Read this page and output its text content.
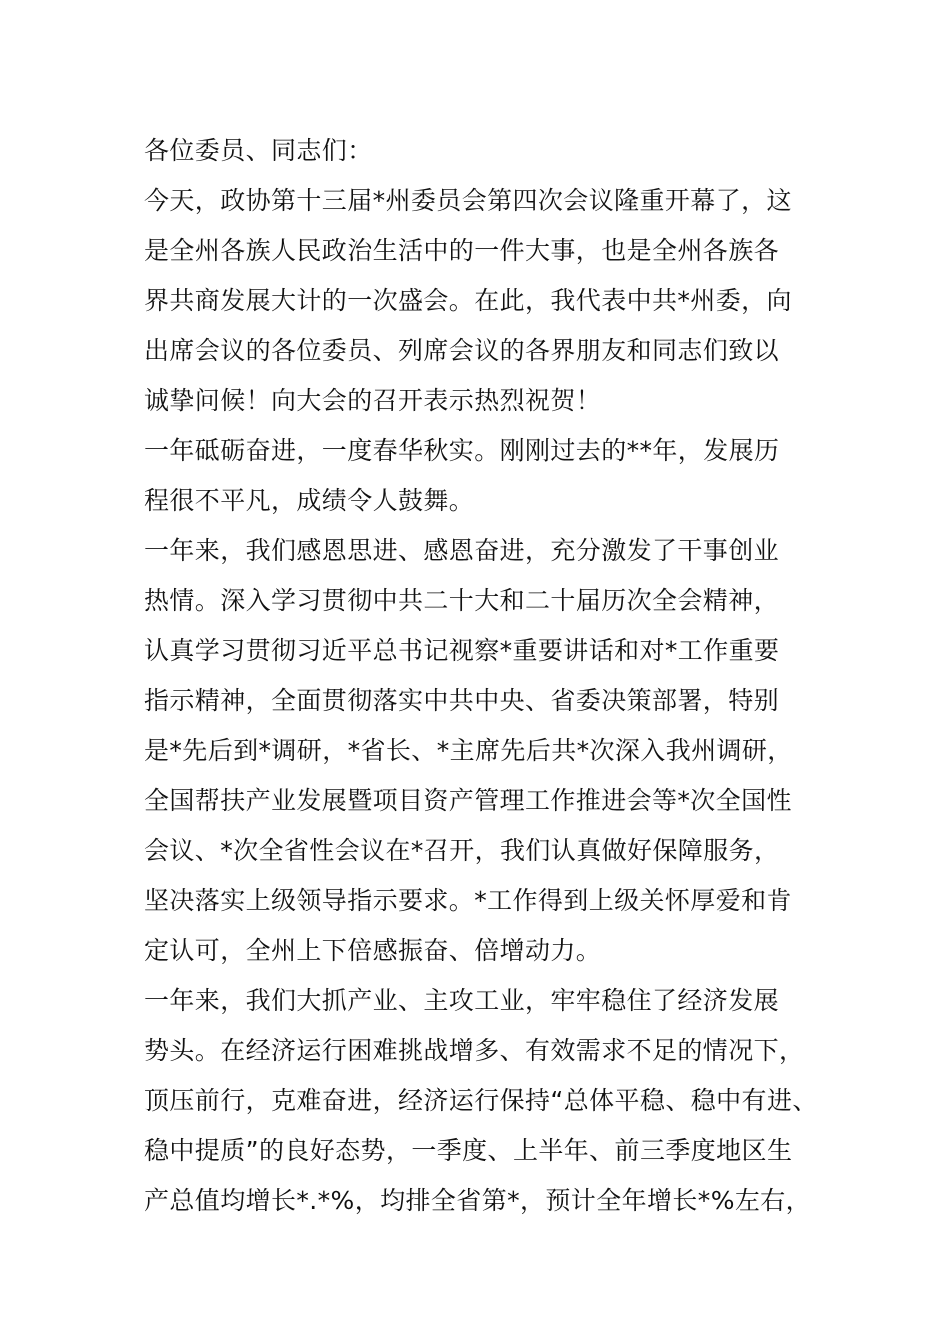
各位委员、同志们：
今天，政协第十三届*州委员会第四次会议隆重开幕了，这
是全州各族人民政治生活中的一件大事，也是全州各族各
界共商发展大计的一次盛会。在此，我代表中共*州委，向
出席会议的各位委员、列席会议的各界朋友和同志们致以
诚挚问候！向大会的召开表示热烈祝贺！
一年砥砺奋进，一度春华秋实。刚刚过去的**年，发展历
程很不平凡，成绩令人鼓舞。
一年来，我们感恩思进、感恩奋进，充分激发了干事创业
热情。深入学习贯彻中共二十大和二十届历次全会精神，
认真学习贯彻习近平总书记视察*重要讲话和对*工作重要
指示精神，全面贯彻落实中共中央、省委决策部署，特别
是*先后到*调研，*省长、*主席先后共*次深入我州调研，
全国帮扶产业发展暨项目资产管理工作推进会等*次全国性
会议、*次全省性会议在*召开，我们认真做好保障服务，
坚决落实上级领导指示要求。*工作得到上级关怀厚爱和肯
定认可，全州上下倍感振奋、倍增动力。
一年来，我们大抓产业、主攻工业，牢牢稳住了经济发展
势头。在经济运行困难挑战增多、有效需求不足的情况下，
顶压前行，克难奋进，经济运行保持“总体平稳、稳中有进、
稳中提质”的良好态势，一季度、上半年、前三季度地区生
产总值均增长*.*%，均排全省第*，预计全年增长*%左右，
